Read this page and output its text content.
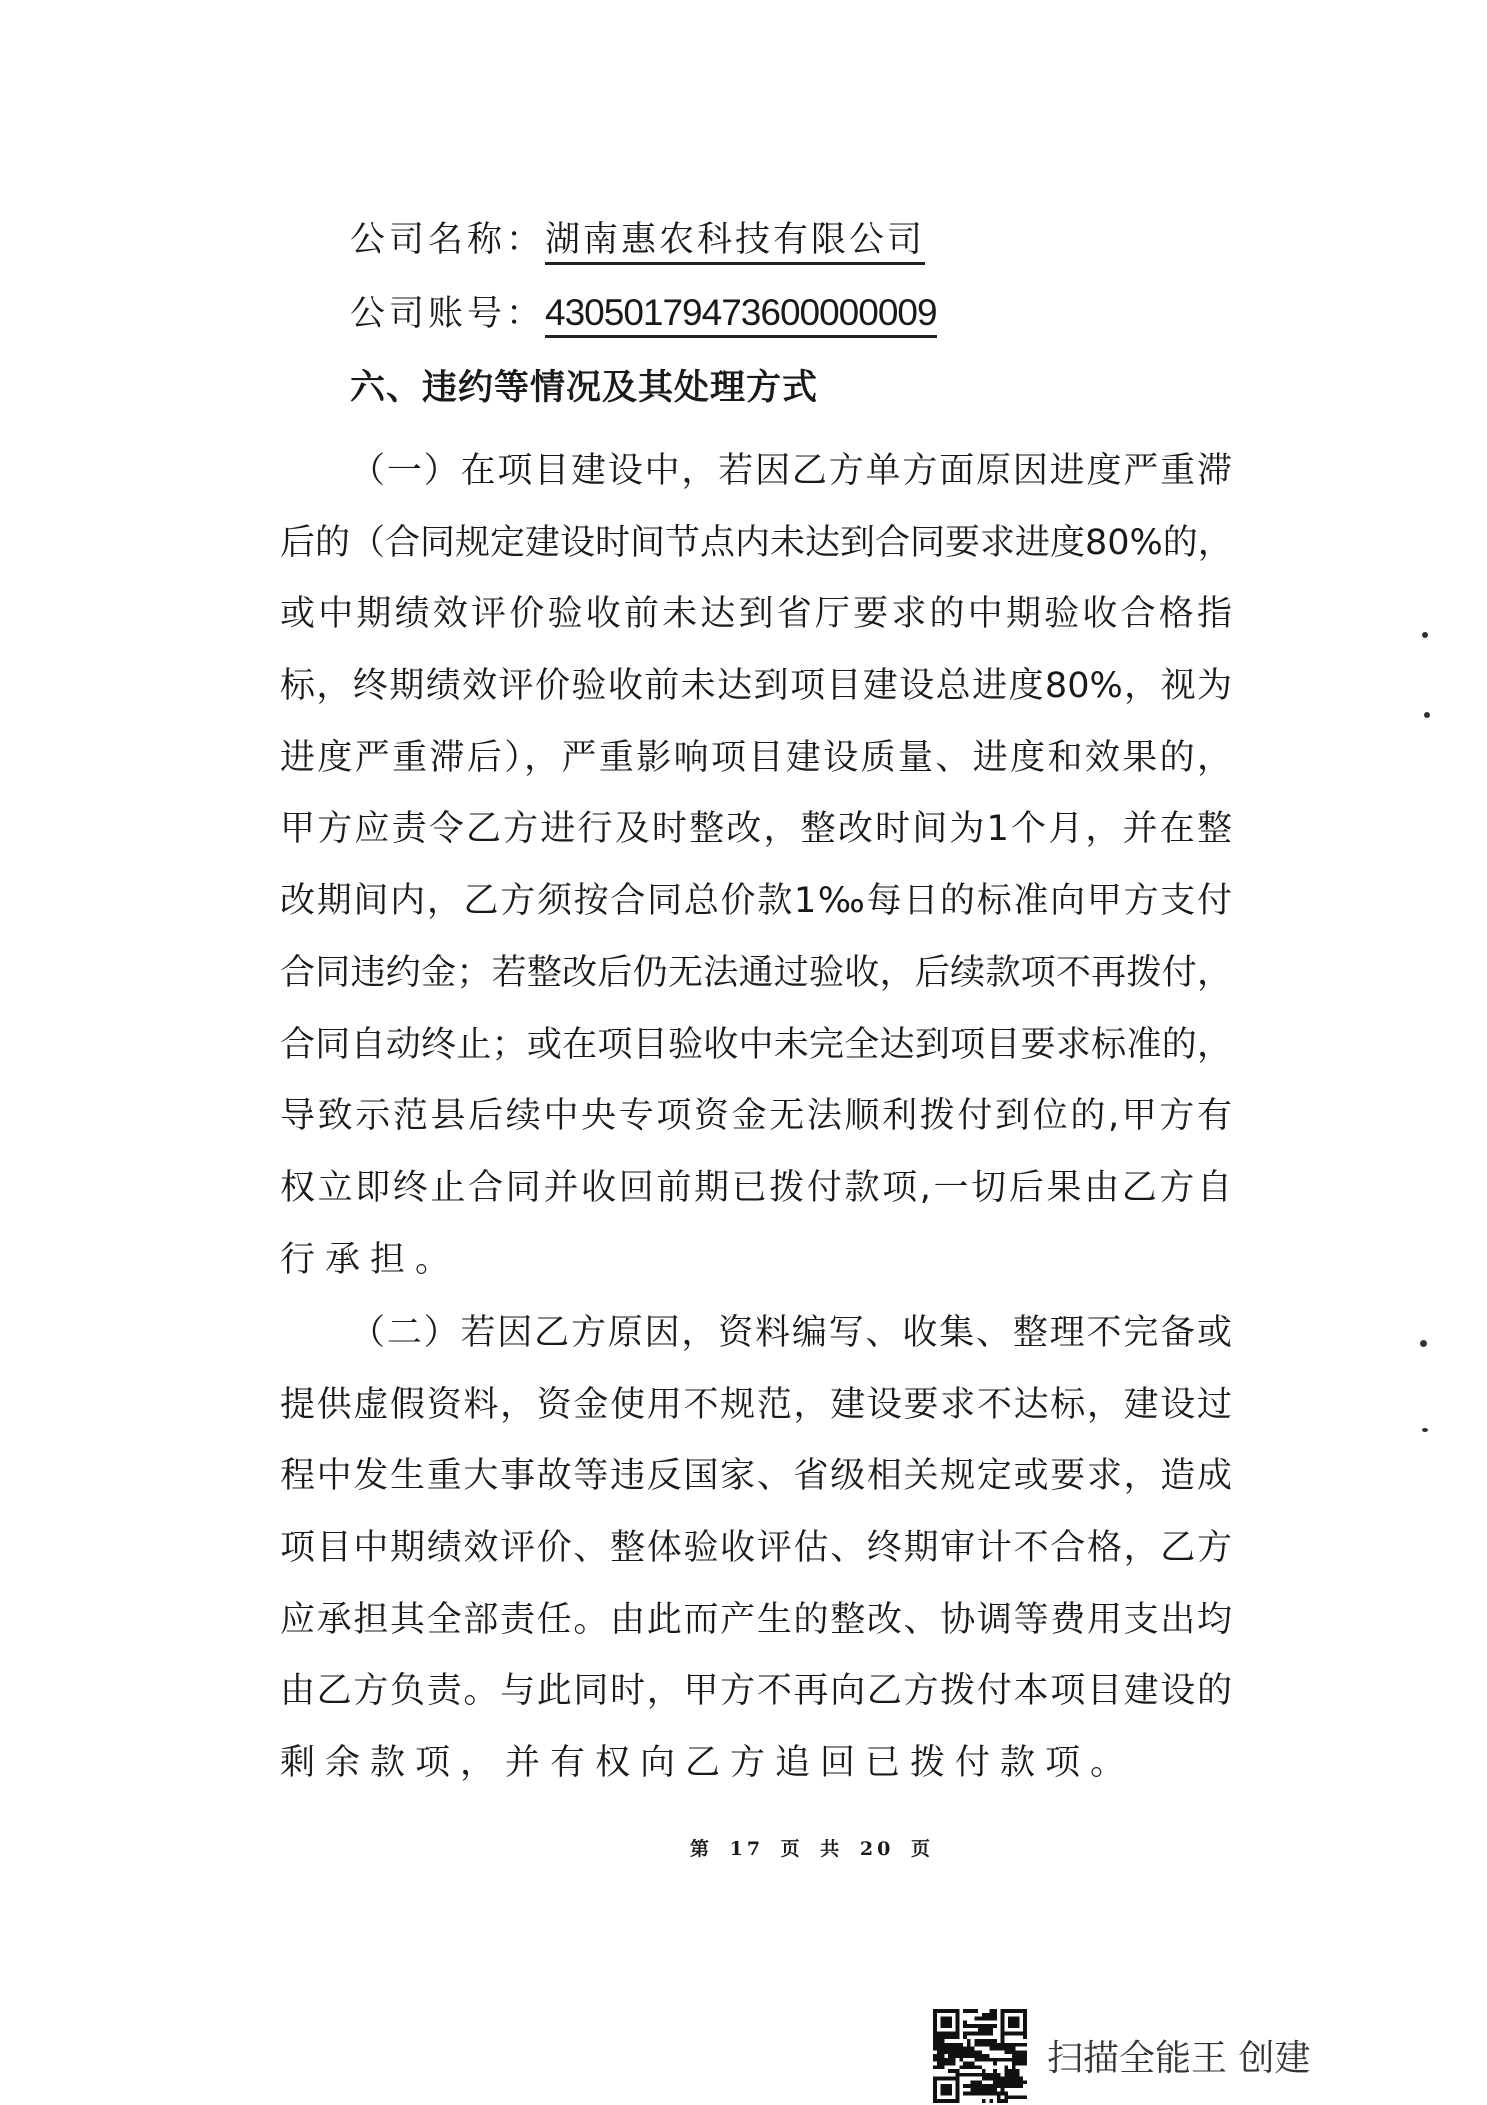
公司名称：湖南惠农科技有限公司
公司账号：43050179473600000009
六、违约等情况及其处理方式
（一）在项目建设中，若因乙方单方面原因进度严重滞
后的（合同规定建设时间节点内未达到合同要求进度80%的，
或中期绩效评价验收前未达到省厅要求的中期验收合格指
标，终期绩效评价验收前未达到项目建设总进度80%，视为
进度严重滞后），严重影响项目建设质量、进度和效果的，
甲方应责令乙方进行及时整改，整改时间为1个月，并在整
改期间内，乙方须按合同总价款1‰每日的标准向甲方支付
合同违约金；若整改后仍无法通过验收，后续款项不再拨付，
合同自动终止；或在项目验收中未完全达到项目要求标准的，
导致示范县后续中央专项资金无法顺利拨付到位的,甲方有
权立即终止合同并收回前期已拨付款项,一切后果由乙方自
行承担。
（二）若因乙方原因，资料编写、收集、整理不完备或
提供虚假资料，资金使用不规范，建设要求不达标，建设过
程中发生重大事故等违反国家、省级相关规定或要求，造成
项目中期绩效评价、整体验收评估、终期审计不合格，乙方
应承担其全部责任。由此而产生的整改、协调等费用支出均
由乙方负责。与此同时，甲方不再向乙方拨付本项目建设的
剩余款项，并有权向乙方追回已拨付款项。
第 17 页 共 20 页
扫描全能王 创建
